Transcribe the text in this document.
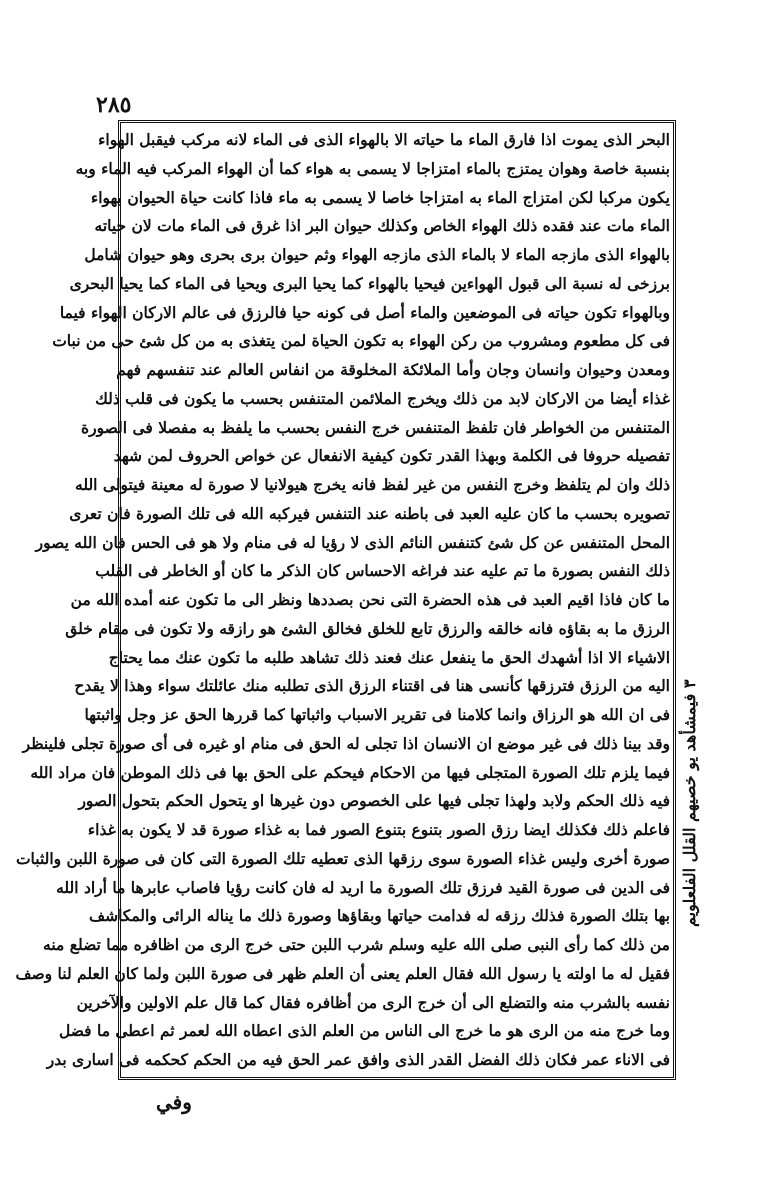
٢٨٥
البحر الذى يموت اذا فارق الماء ما حياته الا بالهواء الذى فى الماء لانه مركب فيقبل الهواء
بنسبة خاصة وهوان يمتزج بالماء امتزاجا لا يسمى به هواء كما أن الهواء المركب فيه الماء وبه
يكون مركبا لكن امتزاج الماء به امتزاجا خاصا لا يسمى به ماء فاذا كانت حياة الحيوان بهواء
الماء مات عند فقده ذلك الهواء الخاص وكذلك حيوان البر اذا غرق فى الماء مات لان حياته
بالهواء الذى مازجه الماء لا بالماء الذى مازجه الهواء وثم حيوان برى بحرى وهو حيوان شامل
برزخى له نسبة الى قبول الهواءين فيحيا بالهواء كما يحيا البرى ويحيا فى الماء كما يحيا البحرى
وبالهواء تكون حياته فى الموضعين والماء أصل فى كونه حيا فالرزق فى عالم الاركان الهواء فيما
فى كل مطعوم ومشروب من ركن الهواء به تكون الحياة لمن يتغذى به من كل شئ حى من نبات
ومعدن وحيوان وانسان وجان وأما الملائكة المخلوقة من انفاس العالم عند تنفسهم فهم
غذاء أيضا من الاركان لابد من ذلك ويخرج الملائمن المتنفس بحسب ما يكون فى قلب ذلك
المتنفس من الخواطر فان تلفظ المتنفس خرج النفس بحسب ما يلفظ به مفصلا فى الصورة
تفصيله حروفا فى الكلمة وبهذا القدر تكون كيفية الانفعال عن خواص الحروف لمن شهد
ذلك وان لم يتلفظ وخرج النفس من غير لفظ فانه يخرج هيولانيا لا صورة له معينة فيتولى الله
تصويره بحسب ما كان عليه العبد فى باطنه عند التنفس فيركبه الله فى تلك الصورة فان تعرى
المحل المتنفس عن كل شئ كتنفس النائم الذى لا رؤيا له فى منام ولا هو فى الحس فان الله يصور
ذلك النفس بصورة ما تم عليه عند فراغه الاحساس كان الذكر ما كان أو الخاطر فى القلب
ما كان فاذا اقيم العبد فى هذه الحضرة التى نحن بصددها ونظر الى ما تكون عنه أمده الله من
الرزق ما به بقاؤه فانه خالقه والرزق تابع للخلق فخالق الشئ هو رازقه ولا تكون فى مقام خلق
الاشياء الا اذا أشهدك الحق ما ينفعل عنك فعند ذلك تشاهد طلبه ما تكون عنك مما يحتاج
اليه من الرزق فترزقها كأنسى هنا فى اقتناء الرزق الذى تطلبه منك عائلتك سواء وهذا لا يقدح
فى ان الله هو الرزاق وانما كلامنا فى تقرير الاسباب واثباتها كما قررها الحق عز وجل واثبتها
وقد بينا ذلك فى غير موضع ان الانسان اذا تجلى له الحق فى منام او غيره فى أى صورة تجلى فلينظر
فيما يلزم تلك الصورة المتجلى فيها من الاحكام فيحكم على الحق بها فى ذلك الموطن فان مراد الله
فيه ذلك الحكم ولابد ولهذا تجلى فيها على الخصوص دون غيرها او يتحول الحكم بتحول الصور
فاعلم ذلك فكذلك ايضا رزق الصور بتنوع بتنوع الصور فما به غذاء صورة قد لا يكون به غذاء
صورة أخرى وليس غذاء الصورة سوى رزقها الذى تعطيه تلك الصورة التى كان فى صورة اللبن والثبات
فى الدين فى صورة القيد فرزق تلك الصورة ما اريد له فان كانت رؤيا فاصاب عابرها ما أراد الله
بها بتلك الصورة فذلك رزقه له فدامت حياتها وبقاؤها وصورة ذلك ما يناله الرائى والمكاشف
من ذلك كما رأى النبى صلى الله عليه وسلم شرب اللبن حتى خرج الرى من اظافره مما تضلع منه
فقيل له ما اولته يا رسول الله فقال العلم يعنى أن العلم ظهر فى صورة اللبن ولما كان العلم لنا وصف
نفسه بالشرب منه والتضلع الى أن خرج الرى من أظافره فقال كما قال علم الاولين والآخرين
وما خرج منه من الرى هو ما خرج الى الناس من العلم الذى اعطاه الله لعمر ثم اعطى ما فضل
فى الاناء عمر فكان ذلك الفضل القدر الذى وافق عمر الحق فيه من الحكم كحكمه فى اسارى بدر
٣ فيمشأهد يو خصيهم القلل الفلعلويم
وفي
